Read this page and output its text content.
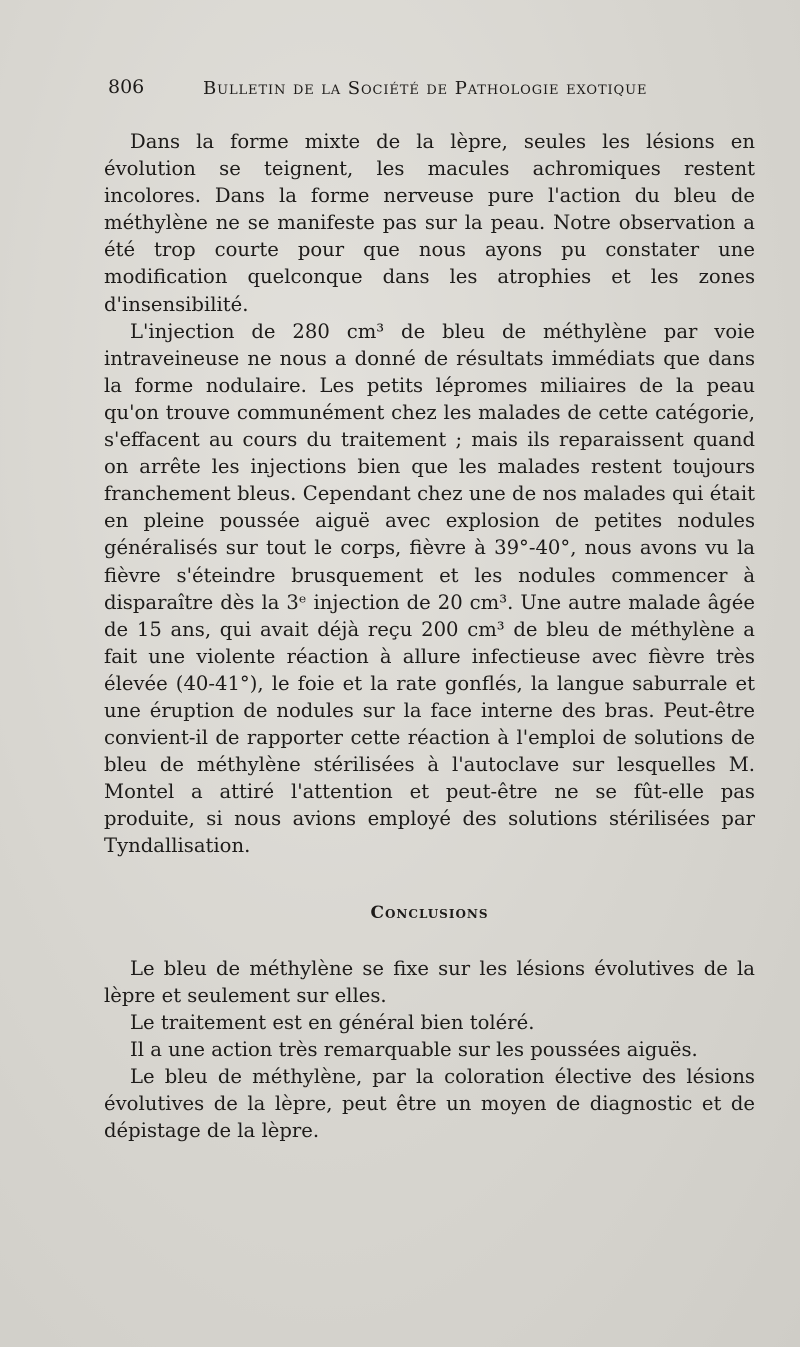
806	Bulletin de la Société de Pathologie exotique

Dans la forme mixte de la lèpre, seules les lésions en évolution se teignent, les macules achromiques restent incolores. Dans la forme nerveuse pure l'action du bleu de méthylène ne se manifeste pas sur la peau. Notre observation a été trop courte pour que nous ayons pu constater une modification quelconque dans les atrophies et les zones d'insensibilité.

L'injection de 280 cm³ de bleu de méthylène par voie intraveineuse ne nous a donné de résultats immédiats que dans la forme nodulaire. Les petits lépromes miliaires de la peau qu'on trouve communément chez les malades de cette catégorie, s'effacent au cours du traitement ; mais ils reparaissent quand on arrête les injections bien que les malades restent toujours franchement bleus. Cependant chez une de nos malades qui était en pleine poussée aiguë avec explosion de petites nodules généralisés sur tout le corps, fièvre à 39°-40°, nous avons vu la fièvre s'éteindre brusquement et les nodules commencer à disparaître dès la 3ᵉ injection de 20 cm³. Une autre malade âgée de 15 ans, qui avait déjà reçu 200 cm³ de bleu de méthylène a fait une violente réaction à allure infectieuse avec fièvre très élevée (40-41°), le foie et la rate gonflés, la langue saburrale et une éruption de nodules sur la face interne des bras. Peut-être convient-il de rapporter cette réaction à l'emploi de solutions de bleu de méthylène stérilisées à l'autoclave sur lesquelles M. Montel a attiré l'attention et peut-être ne se fût-elle pas produite, si nous avions employé des solutions stérilisées par Tyndallisation.

Conclusions

Le bleu de méthylène se fixe sur les lésions évolutives de la lèpre et seulement sur elles.

Le traitement est en général bien toléré.

Il a une action très remarquable sur les poussées aiguës.

Le bleu de méthylène, par la coloration élective des lésions évolutives de la lèpre, peut être un moyen de diagnostic et de dépistage de la lèpre.
